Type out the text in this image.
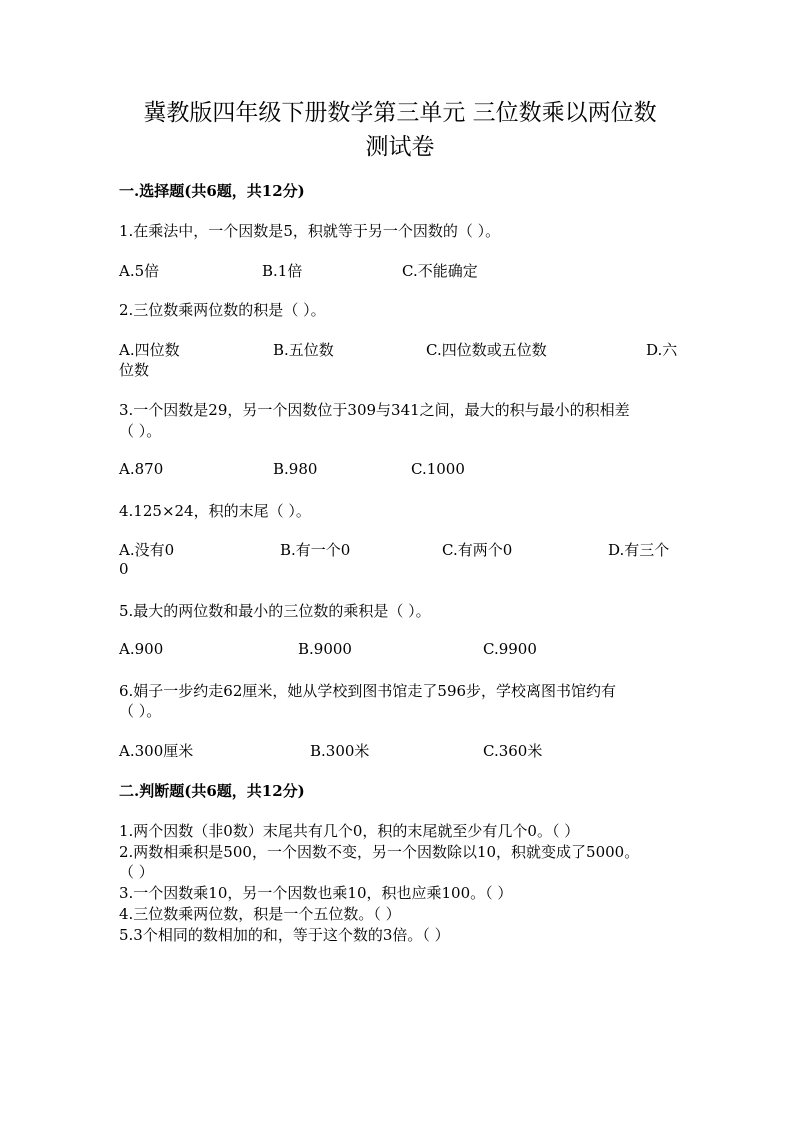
冀教版四年级下册数学第三单元 三位数乘以两位数
测试卷
一.选择题(共6题，共12分)
1.在乘法中，一个因数是5，积就等于另一个因数的（ ）。
A.5倍	B.1倍	C.不能确定
2.三位数乘两位数的积是（ ）。
A.四位数	B.五位数	C.四位数或五位数	D.六
位数
3.一个因数是29，另一个因数位于309与341之间，最大的积与最小的积相差
（ ）。
A.870	B.980	C.1000
4.125×24，积的末尾（ ）。
A.没有0	B.有一个0	C.有两个0	D.有三个
0
5.最大的两位数和最小的三位数的乘积是（ ）。
A.900	B.9000	C.9900
6.娟子一步约走62厘米，她从学校到图书馆走了596步，学校离图书馆约有
（ ）。
A.300厘米	B.300米	C.360米
二.判断题(共6题，共12分)
1.两个因数（非0数）末尾共有几个0，积的末尾就至少有几个0。（ ）
2.两数相乘积是500，一个因数不变，另一个因数除以10，积就变成了5000。
（ ）
3.一个因数乘10，另一个因数也乘10，积也应乘100。（ ）
4.三位数乘两位数，积是一个五位数。（ ）
5.3个相同的数相加的和，等于这个数的3倍。（ ）
